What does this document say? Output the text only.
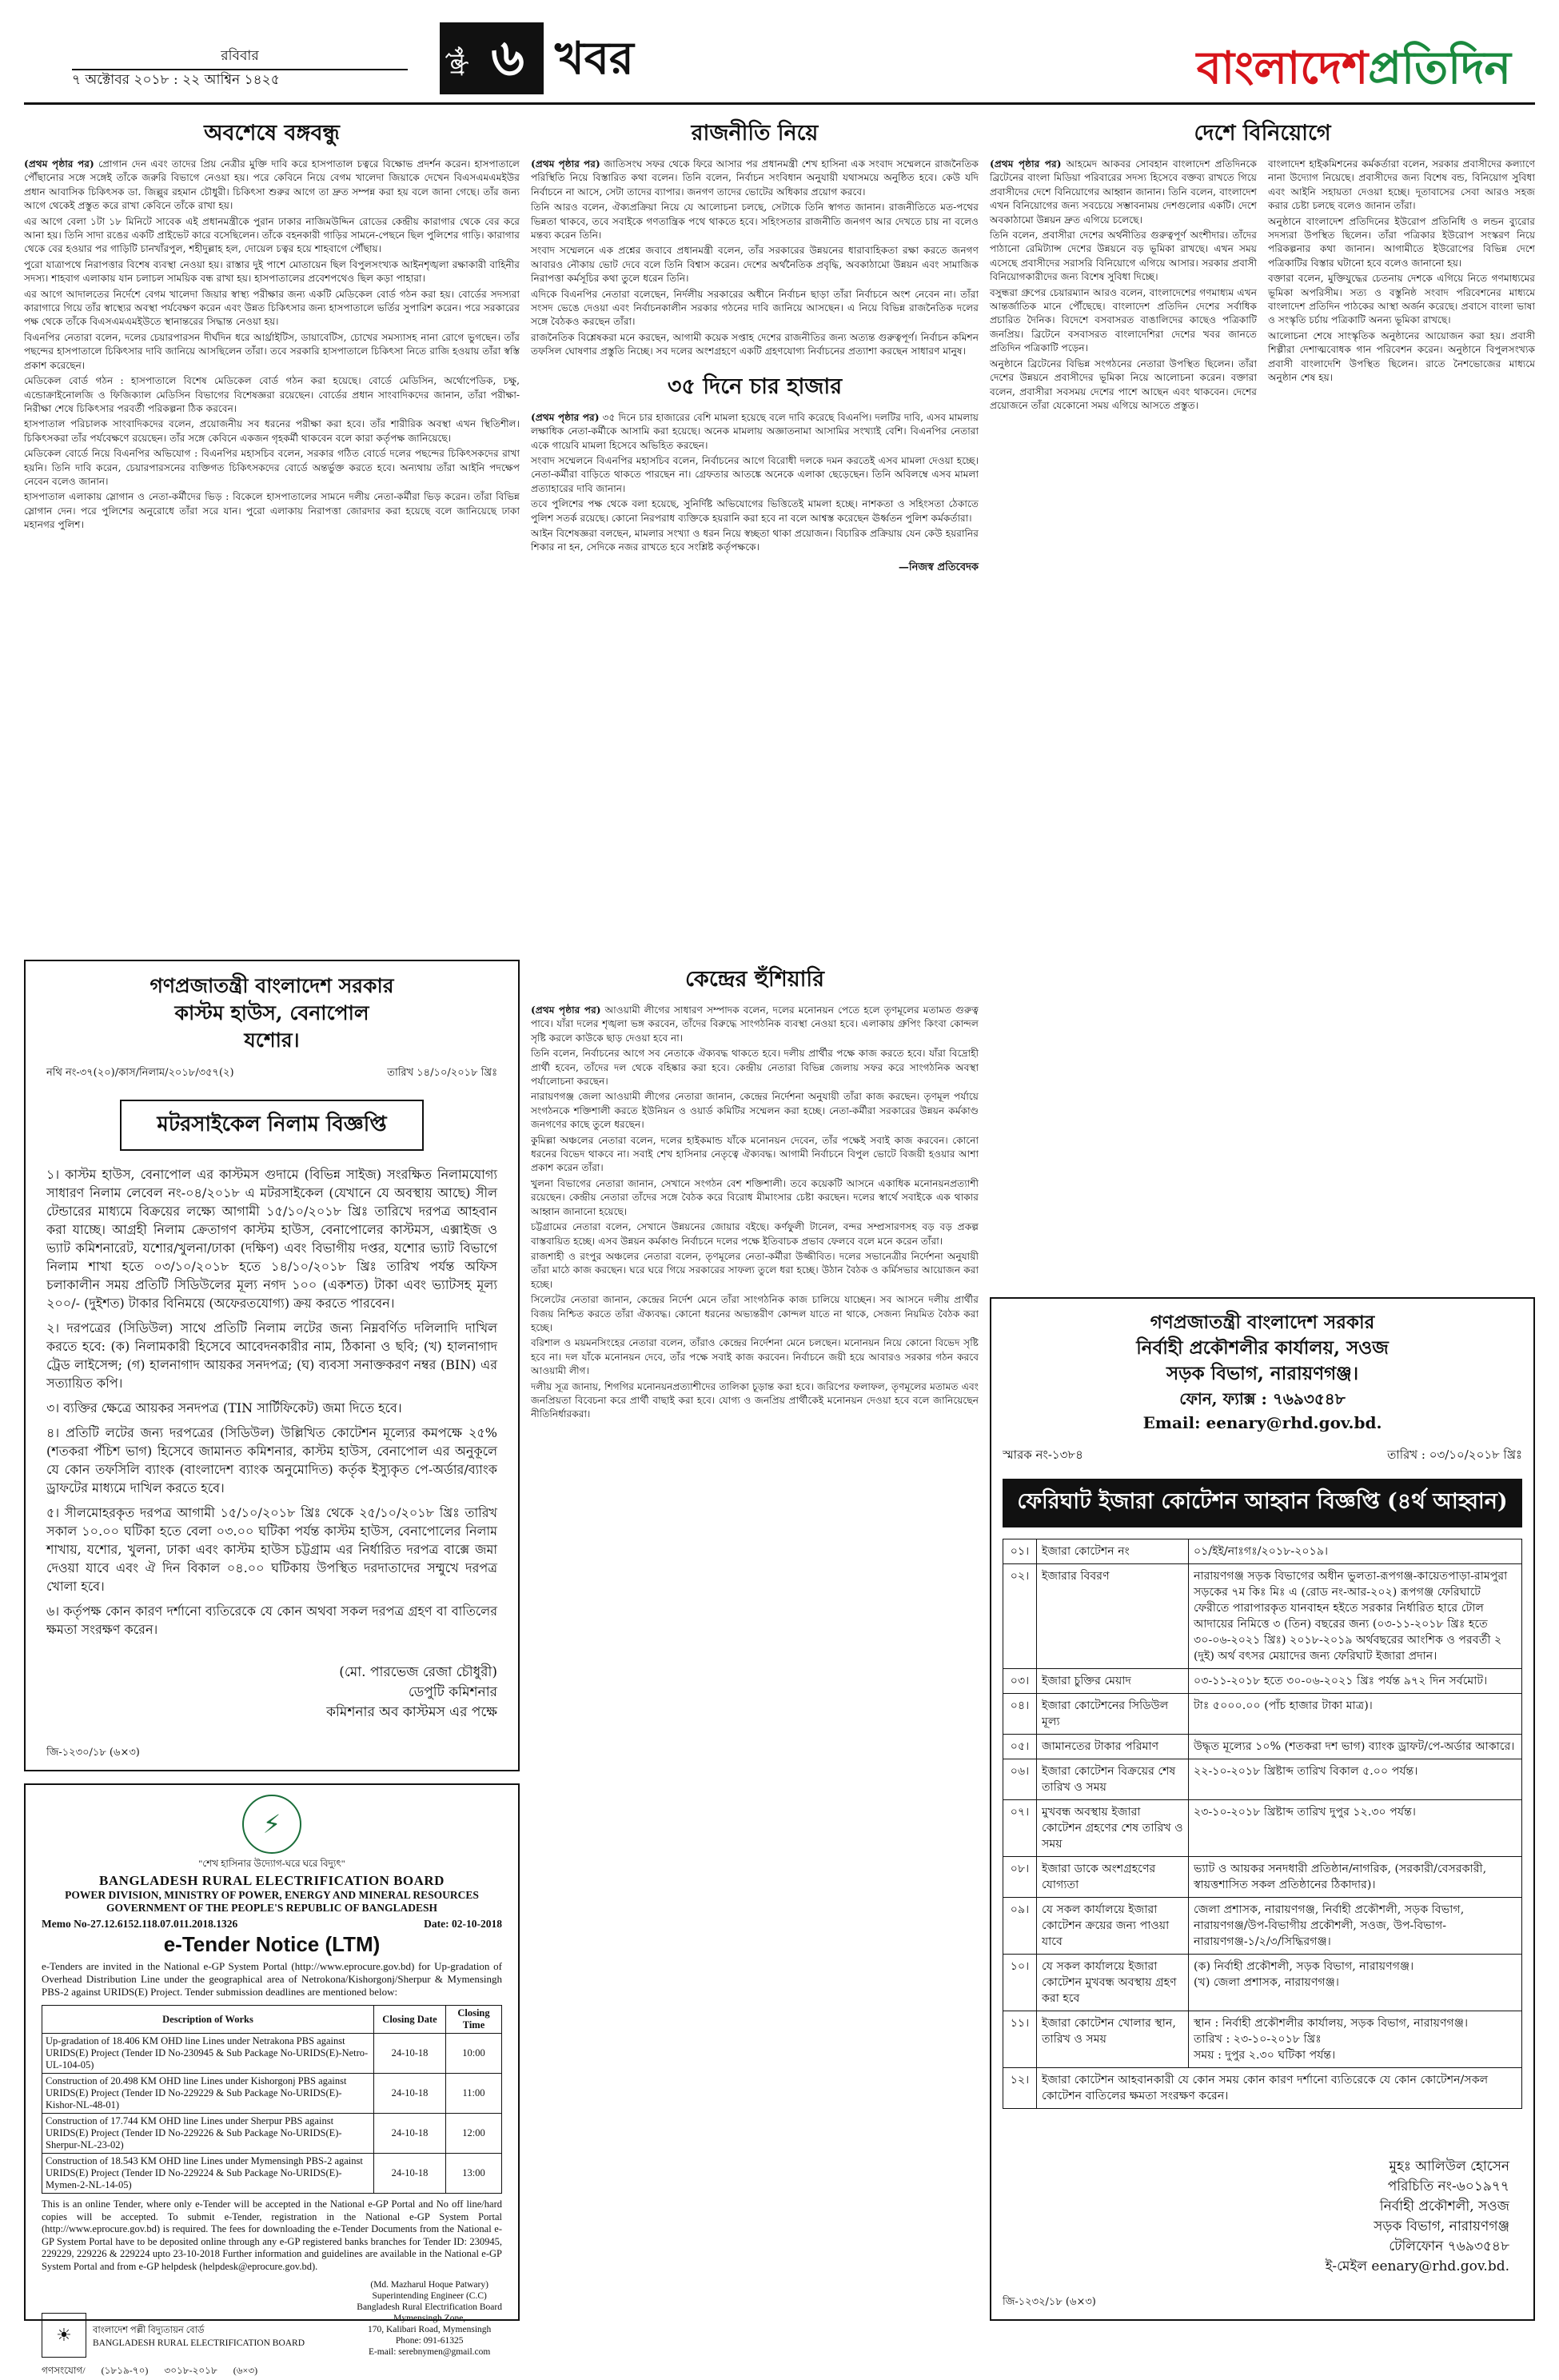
রবিবার
৭ অক্টোবর ২০১৮ : ২২ আশ্বিন ১৪২৫
পৃষ্ঠা ৬ খবর	বাংলাদেশপ্রতিদিন
অবশেষে বঙ্গবন্ধু

(প্রথম পৃষ্ঠার পর) প্রোগান দেন এবং তাদের প্রিয় নেত্রীর মুক্তি দাবি করে হাসপাতাল চত্বরে বিক্ষোভ প্রদর্শন করেন। হাসপাতালে পৌঁছানোর সঙ্গে সঙ্গেই তাঁকে জরুরি বিভাগে নেওয়া হয়। পরে কেবিনে নিয়ে বেগম খালেদা জিয়াকে দেখেন বিএসএমএমইউর প্রধান আবাসিক চিকিৎসক ডা. জিল্লুর রহমান চৌধুরী। চিকিৎসা শুরুর আগে তা দ্রুত সম্পন্ন করা হয় বলে জানা গেছে। তাঁর জন্য আগে থেকেই প্রস্তুত করে রাখা কেবিনে তাঁকে রাখা হয়।

এর আগে বেলা ১টা ১৮ মিনিটে সাবেক এই প্রধানমন্ত্রীকে পুরান ঢাকার নাজিমউদ্দিন রোডের কেন্দ্রীয় কারাগার থেকে বের করে আনা হয়। তিনি সাদা রঙের একটি প্রাইভেট কারে বসেছিলেন। তাঁকে বহনকারী গাড়ির সামনে-পেছনে ছিল পুলিশের গাড়ি। কারাগার থেকে বের হওয়ার পর গাড়িটি চানখাঁরপুল, শহীদুল্লাহ হল, দোয়েল চত্বর হয়ে শাহবাগে পৌঁছায়।

পুরো যাত্রাপথে নিরাপত্তার বিশেষ ব্যবস্থা নেওয়া হয়। রাস্তার দুই পাশে মোতায়েন ছিল বিপুলসংখ্যক আইনশৃঙ্খলা রক্ষাকারী বাহিনীর সদস্য। শাহবাগ এলাকায় যান চলাচল সাময়িক বন্ধ রাখা হয়। হাসপাতালের প্রবেশপথেও ছিল কড়া পাহারা।

এর আগে আদালতের নির্দেশে বেগম খালেদা জিয়ার স্বাস্থ্য পরীক্ষার জন্য একটি মেডিকেল বোর্ড গঠন করা হয়। বোর্ডের সদস্যরা কারাগারে গিয়ে তাঁর স্বাস্থ্যের অবস্থা পর্যবেক্ষণ করেন এবং উন্নত চিকিৎসার জন্য হাসপাতালে ভর্তির সুপারিশ করেন। পরে সরকারের পক্ষ থেকে তাঁকে বিএসএমএমইউতে স্থানান্তরের সিদ্ধান্ত নেওয়া হয়।

বিএনপির নেতারা বলেন, দলের চেয়ারপারসন দীর্ঘদিন ধরে আর্থ্রাইটিস, ডায়াবেটিস, চোখের সমস্যাসহ নানা রোগে ভুগছেন। তাঁর পছন্দের হাসপাতালে চিকিৎসার দাবি জানিয়ে আসছিলেন তাঁরা। তবে সরকারি হাসপাতালে চিকিৎসা নিতে রাজি হওয়ায় তাঁরা স্বস্তি প্রকাশ করেছেন।

মেডিকেল বোর্ড গঠন : হাসপাতালে বিশেষ মেডিকেল বোর্ড গঠন করা হয়েছে। বোর্ডে মেডিসিন, অর্থোপেডিক, চক্ষু, এন্ডোক্রাইনোলজি ও ফিজিক্যাল মেডিসিন বিভাগের বিশেষজ্ঞরা রয়েছেন। বোর্ডের প্রধান সাংবাদিকদের জানান, তাঁরা পরীক্ষা-নিরীক্ষা শেষে চিকিৎসার পরবর্তী পরিকল্পনা ঠিক করবেন।

হাসপাতাল পরিচালক সাংবাদিকদের বলেন, প্রয়োজনীয় সব ধরনের পরীক্ষা করা হবে। তাঁর শারীরিক অবস্থা এখন স্থিতিশীল। চিকিৎসকরা তাঁর পর্যবেক্ষণে রয়েছেন। তাঁর সঙ্গে কেবিনে একজন গৃহকর্মী থাকবেন বলে কারা কর্তৃপক্ষ জানিয়েছে।

মেডিকেল বোর্ডে নিয়ে বিএনপির অভিযোগ : বিএনপির মহাসচিব বলেন, সরকার গঠিত বোর্ডে দলের পছন্দের চিকিৎসকদের রাখা হয়নি। তিনি দাবি করেন, চেয়ারপারসনের ব্যক্তিগত চিকিৎসকদের বোর্ডে অন্তর্ভুক্ত করতে হবে। অন্যথায় তাঁরা আইনি পদক্ষেপ নেবেন বলেও জানান।

হাসপাতাল এলাকায় স্লোগান ও নেতা-কর্মীদের ভিড় : বিকেলে হাসপাতালের সামনে দলীয় নেতা-কর্মীরা ভিড় করেন। তাঁরা বিভিন্ন স্লোগান দেন। পরে পুলিশের অনুরোধে তাঁরা সরে যান। পুরো এলাকায় নিরাপত্তা জোরদার করা হয়েছে বলে জানিয়েছে ঢাকা মহানগর পুলিশ।

রাজনীতি নিয়ে

(প্রথম পৃষ্ঠার পর) জাতিসংঘ সফর থেকে ফিরে আসার পর প্রধানমন্ত্রী শেখ হাসিনা এক সংবাদ সম্মেলনে রাজনৈতিক পরিস্থিতি নিয়ে বিস্তারিত কথা বলেন। তিনি বলেন, নির্বাচন সংবিধান অনুযায়ী যথাসময়ে অনুষ্ঠিত হবে। কেউ যদি নির্বাচনে না আসে, সেটা তাদের ব্যাপার। জনগণ তাদের ভোটের অধিকার প্রয়োগ করবে।

তিনি আরও বলেন, ঐক্যপ্রক্রিয়া নিয়ে যে আলোচনা চলছে, সেটাকে তিনি স্বাগত জানান। রাজনীতিতে মত-পথের ভিন্নতা থাকবে, তবে সবাইকে গণতান্ত্রিক পথে থাকতে হবে। সহিংসতার রাজনীতি জনগণ আর দেখতে চায় না বলেও মন্তব্য করেন তিনি।

সংবাদ সম্মেলনে এক প্রশ্নের জবাবে প্রধানমন্ত্রী বলেন, তাঁর সরকারের উন্নয়নের ধারাবাহিকতা রক্ষা করতে জনগণ আবারও নৌকায় ভোট দেবে বলে তিনি বিশ্বাস করেন। দেশের অর্থনৈতিক প্রবৃদ্ধি, অবকাঠামো উন্নয়ন এবং সামাজিক নিরাপত্তা কর্মসূচির কথা তুলে ধরেন তিনি।

এদিকে বিএনপির নেতারা বলেছেন, নির্দলীয় সরকারের অধীনে নির্বাচন ছাড়া তাঁরা নির্বাচনে অংশ নেবেন না। তাঁরা সংসদ ভেঙে দেওয়া এবং নির্বাচনকালীন সরকার গঠনের দাবি জানিয়ে আসছেন। এ নিয়ে বিভিন্ন রাজনৈতিক দলের সঙ্গে বৈঠকও করছেন তাঁরা।

রাজনৈতিক বিশ্লেষকরা মনে করছেন, আগামী কয়েক সপ্তাহ দেশের রাজনীতির জন্য অত্যন্ত গুরুত্বপূর্ণ। নির্বাচন কমিশন তফসিল ঘোষণার প্রস্তুতি নিচ্ছে। সব দলের অংশগ্রহণে একটি গ্রহণযোগ্য নির্বাচনের প্রত্যাশা করছেন সাধারণ মানুষ।

৩৫ দিনে চার হাজার

(প্রথম পৃষ্ঠার পর) ৩৫ দিনে চার হাজারের বেশি মামলা হয়েছে বলে দাবি করেছে বিএনপি। দলটির দাবি, এসব মামলায় লক্ষাধিক নেতা-কর্মীকে আসামি করা হয়েছে। অনেক মামলায় অজ্ঞাতনামা আসামির সংখ্যাই বেশি। বিএনপির নেতারা একে গায়েবি মামলা হিসেবে অভিহিত করছেন।

সংবাদ সম্মেলনে বিএনপির মহাসচিব বলেন, নির্বাচনের আগে বিরোধী দলকে দমন করতেই এসব মামলা দেওয়া হচ্ছে। নেতা-কর্মীরা বাড়িতে থাকতে পারছেন না। গ্রেফতার আতঙ্কে অনেকে এলাকা ছেড়েছেন। তিনি অবিলম্বে এসব মামলা প্রত্যাহারের দাবি জানান।

তবে পুলিশের পক্ষ থেকে বলা হয়েছে, সুনির্দিষ্ট অভিযোগের ভিত্তিতেই মামলা হচ্ছে। নাশকতা ও সহিংসতা ঠেকাতে পুলিশ সতর্ক রয়েছে। কোনো নিরপরাধ ব্যক্তিকে হয়রানি করা হবে না বলে আশ্বস্ত করেছেন ঊর্ধ্বতন পুলিশ কর্মকর্তারা।

আইন বিশেষজ্ঞরা বলছেন, মামলার সংখ্যা ও ধরন নিয়ে স্বচ্ছতা থাকা প্রয়োজন। বিচারিক প্রক্রিয়ায় যেন কেউ হয়রানির শিকার না হন, সেদিকে নজর রাখতে হবে সংশ্লিষ্ট কর্তৃপক্ষকে।

—নিজস্ব প্রতিবেদক
দেশে বিনিয়োগে

(প্রথম পৃষ্ঠার পর) আহমেদ আকবর সোবহান বাংলাদেশ প্রতিদিনকে ব্রিটেনের বাংলা মিডিয়া পরিবারের সদস্য হিসেবে বক্তব্য রাখতে গিয়ে প্রবাসীদের দেশে বিনিয়োগের আহ্বান জানান। তিনি বলেন, বাংলাদেশ এখন বিনিয়োগের জন্য সবচেয়ে সম্ভাবনাময় দেশগুলোর একটি। দেশে অবকাঠামো উন্নয়ন দ্রুত এগিয়ে চলেছে।

তিনি বলেন, প্রবাসীরা দেশের অর্থনীতির গুরুত্বপূর্ণ অংশীদার। তাঁদের পাঠানো রেমিট্যান্স দেশের উন্নয়নে বড় ভূমিকা রাখছে। এখন সময় এসেছে প্রবাসীদের সরাসরি বিনিয়োগে এগিয়ে আসার। সরকার প্রবাসী বিনিয়োগকারীদের জন্য বিশেষ সুবিধা দিচ্ছে।

বসুন্ধরা গ্রুপের চেয়ারম্যান আরও বলেন, বাংলাদেশের গণমাধ্যম এখন আন্তর্জাতিক মানে পৌঁছেছে। বাংলাদেশ প্রতিদিন দেশের সর্বাধিক প্রচারিত দৈনিক। বিদেশে বসবাসরত বাঙালিদের কাছেও পত্রিকাটি জনপ্রিয়। ব্রিটেনে বসবাসরত বাংলাদেশিরা দেশের খবর জানতে প্রতিদিন পত্রিকাটি পড়েন।

অনুষ্ঠানে ব্রিটেনের বিভিন্ন সংগঠনের নেতারা উপস্থিত ছিলেন। তাঁরা দেশের উন্নয়নে প্রবাসীদের ভূমিকা নিয়ে আলোচনা করেন। বক্তারা বলেন, প্রবাসীরা সবসময় দেশের পাশে আছেন এবং থাকবেন। দেশের প্রয়োজনে তাঁরা যেকোনো সময় এগিয়ে আসতে প্রস্তুত।

বাংলাদেশ হাইকমিশনের কর্মকর্তারা বলেন, সরকার প্রবাসীদের কল্যাণে নানা উদ্যোগ নিয়েছে। প্রবাসীদের জন্য বিশেষ বন্ড, বিনিয়োগ সুবিধা এবং আইনি সহায়তা দেওয়া হচ্ছে। দূতাবাসের সেবা আরও সহজ করার চেষ্টা চলছে বলেও জানান তাঁরা।

অনুষ্ঠানে বাংলাদেশ প্রতিদিনের ইউরোপ প্রতিনিধি ও লন্ডন ব্যুরোর সদস্যরা উপস্থিত ছিলেন। তাঁরা পত্রিকার ইউরোপ সংস্করণ নিয়ে পরিকল্পনার কথা জানান। আগামীতে ইউরোপের বিভিন্ন দেশে পত্রিকাটির বিস্তার ঘটানো হবে বলেও জানানো হয়।

বক্তারা বলেন, মুক্তিযুদ্ধের চেতনায় দেশকে এগিয়ে নিতে গণমাধ্যমের ভূমিকা অপরিসীম। সত্য ও বস্তুনিষ্ঠ সংবাদ পরিবেশনের মাধ্যমে বাংলাদেশ প্রতিদিন পাঠকের আস্থা অর্জন করেছে। প্রবাসে বাংলা ভাষা ও সংস্কৃতি চর্চায় পত্রিকাটি অনন্য ভূমিকা রাখছে।

আলোচনা শেষে সাংস্কৃতিক অনুষ্ঠানের আয়োজন করা হয়। প্রবাসী শিল্পীরা দেশাত্মবোধক গান পরিবেশন করেন। অনুষ্ঠানে বিপুলসংখ্যক প্রবাসী বাংলাদেশি উপস্থিত ছিলেন। রাতে নৈশভোজের মাধ্যমে অনুষ্ঠান শেষ হয়।

কেন্দ্রের হুঁশিয়ারি

(প্রথম পৃষ্ঠার পর) আওয়ামী লীগের সাধারণ সম্পাদক বলেন, দলের মনোনয়ন পেতে হলে তৃণমূলের মতামত গুরুত্ব পাবে। যাঁরা দলের শৃঙ্খলা ভঙ্গ করবেন, তাঁদের বিরুদ্ধে সাংগঠনিক ব্যবস্থা নেওয়া হবে। এলাকায় গ্রুপিং কিংবা কোন্দল সৃষ্টি করলে কাউকে ছাড় দেওয়া হবে না।

তিনি বলেন, নির্বাচনের আগে সব নেতাকে ঐক্যবদ্ধ থাকতে হবে। দলীয় প্রার্থীর পক্ষে কাজ করতে হবে। যাঁরা বিদ্রোহী প্রার্থী হবেন, তাঁদের দল থেকে বহিষ্কার করা হবে। কেন্দ্রীয় নেতারা বিভিন্ন জেলায় সফর করে সাংগঠনিক অবস্থা পর্যালোচনা করছেন।

নারায়ণগঞ্জ জেলা আওয়ামী লীগের নেতারা জানান, কেন্দ্রের নির্দেশনা অনুযায়ী তাঁরা কাজ করছেন। তৃণমূল পর্যায়ে সংগঠনকে শক্তিশালী করতে ইউনিয়ন ও ওয়ার্ড কমিটির সম্মেলন করা হচ্ছে। নেতা-কর্মীরা সরকারের উন্নয়ন কর্মকাণ্ড জনগণের কাছে তুলে ধরছেন।

কুমিল্লা অঞ্চলের নেতারা বলেন, দলের হাইকমান্ড যাঁকে মনোনয়ন দেবেন, তাঁর পক্ষেই সবাই কাজ করবেন। কোনো ধরনের বিভেদ থাকবে না। সবাই শেখ হাসিনার নেতৃত্বে ঐক্যবদ্ধ। আগামী নির্বাচনে বিপুল ভোটে বিজয়ী হওয়ার আশা প্রকাশ করেন তাঁরা।

খুলনা বিভাগের নেতারা জানান, সেখানে সংগঠন বেশ শক্তিশালী। তবে কয়েকটি আসনে একাধিক মনোনয়নপ্রত্যাশী রয়েছেন। কেন্দ্রীয় নেতারা তাঁদের সঙ্গে বৈঠক করে বিরোধ মীমাংসার চেষ্টা করছেন। দলের স্বার্থে সবাইকে এক থাকার আহ্বান জানানো হয়েছে।

চট্টগ্রামের নেতারা বলেন, সেখানে উন্নয়নের জোয়ার বইছে। কর্ণফুলী টানেল, বন্দর সম্প্রসারণসহ বড় বড় প্রকল্প বাস্তবায়িত হচ্ছে। এসব উন্নয়ন কর্মকাণ্ড নির্বাচনে দলের পক্ষে ইতিবাচক প্রভাব ফেলবে বলে মনে করেন তাঁরা।

রাজশাহী ও রংপুর অঞ্চলের নেতারা বলেন, তৃণমূলের নেতা-কর্মীরা উজ্জীবিত। দলের সভানেত্রীর নির্দেশনা অনুযায়ী তাঁরা মাঠে কাজ করছেন। ঘরে ঘরে গিয়ে সরকারের সাফল্য তুলে ধরা হচ্ছে। উঠান বৈঠক ও কর্মিসভার আয়োজন করা হচ্ছে।

সিলেটের নেতারা জানান, কেন্দ্রের নির্দেশ মেনে তাঁরা সাংগঠনিক কাজ চালিয়ে যাচ্ছেন। সব আসনে দলীয় প্রার্থীর বিজয় নিশ্চিত করতে তাঁরা ঐক্যবদ্ধ। কোনো ধরনের অভ্যন্তরীণ কোন্দল যাতে না থাকে, সেজন্য নিয়মিত বৈঠক করা হচ্ছে।

বরিশাল ও ময়মনসিংহের নেতারা বলেন, তাঁরাও কেন্দ্রের নির্দেশনা মেনে চলছেন। মনোনয়ন নিয়ে কোনো বিভেদ সৃষ্টি হবে না। দল যাঁকে মনোনয়ন দেবে, তাঁর পক্ষে সবাই কাজ করবেন। নির্বাচনে জয়ী হয়ে আবারও সরকার গঠন করবে আওয়ামী লীগ।

দলীয় সূত্র জানায়, শিগগির মনোনয়নপ্রত্যাশীদের তালিকা চূড়ান্ত করা হবে। জরিপের ফলাফল, তৃণমূলের মতামত এবং জনপ্রিয়তা বিবেচনা করে প্রার্থী বাছাই করা হবে। যোগ্য ও জনপ্রিয় প্রার্থীকেই মনোনয়ন দেওয়া হবে বলে জানিয়েছেন নীতিনির্ধারকরা।

গণপ্রজাতন্ত্রী বাংলাদেশ সরকার
কাস্টম হাউস, বেনাপোল
যশোর।
নথি নং-৩৭(২০)/কাস/নিলাম/২০১৮/৩৫৭(২)	তারিখ ১৪/১০/২০১৮ খ্রিঃ
মটরসাইকেল নিলাম বিজ্ঞপ্তি

১। কাস্টম হাউস, বেনাপোল এর কাস্টমস গুদামে (বিভিন্ন সাইজ) সংরক্ষিত নিলামযোগ্য সাধারণ নিলাম লেবেল নং-০৪/২০১৮ এ মটরসাইকেল (যেখানে যে অবস্থায় আছে) সীল টেন্ডারের মাধ্যমে বিক্রয়ের লক্ষ্যে আগামী ১৫/১০/২০১৮ খ্রিঃ তারিখে দরপত্র আহবান করা যাচ্ছে। আগ্রহী নিলাম ক্রেতাগণ কাস্টম হাউস, বেনাপোলের কাস্টমস, এক্সাইজ ও ভ্যাট কমিশনারেট, যশোর/খুলনা/ঢাকা (দক্ষিণ) এবং বিভাগীয় দপ্তর, যশোর ভ্যাট বিভাগে নিলাম শাখা হতে ০৩/১০/২০১৮ হতে ১৪/১০/২০১৮ খ্রিঃ তারিখ পর্যন্ত অফিস চলাকালীন সময় প্রতিটি সিডিউলের মূল্য নগদ ১০০ (একশত) টাকা এবং ভ্যাটসহ মূল্য ২০০/- (দুইশত) টাকার বিনিময়ে (অফেরতযোগ্য) ক্রয় করতে পারবেন।

২। দরপত্রের (সিডিউল) সাথে প্রতিটি নিলাম লটের জন্য নিম্নবর্ণিত দলিলাদি দাখিল করতে হবে: (ক) নিলামকারী হিসেবে আবেদনকারীর নাম, ঠিকানা ও ছবি; (খ) হালনাগাদ ট্রেড লাইসেন্স; (গ) হালনাগাদ আয়কর সনদপত্র; (ঘ) ব্যবসা সনাক্তকরণ নম্বর (BIN) এর সত্যায়িত কপি।

৩। ব্যক্তির ক্ষেত্রে আয়কর সনদপত্র (TIN সার্টিফিকেট) জমা দিতে হবে।

৪। প্রতিটি লটের জন্য দরপত্রের (সিডিউল) উল্লিখিত কোটেশন মূল্যের কমপক্ষে ২৫% (শতকরা পঁচিশ ভাগ) হিসেবে জামানত কমিশনার, কাস্টম হাউস, বেনাপোল এর অনুকূলে যে কোন তফসিলি ব্যাংক (বাংলাদেশ ব্যাংক অনুমোদিত) কর্তৃক ইস্যুকৃত পে-অর্ডার/ব্যাংক ড্রাফটের মাধ্যমে দাখিল করতে হবে।

৫। সীলমোহরকৃত দরপত্র আগামী ১৫/১০/২০১৮ খ্রিঃ থেকে ২৫/১০/২০১৮ খ্রিঃ তারিখ সকাল ১০.০০ ঘটিকা হতে বেলা ০৩.০০ ঘটিকা পর্যন্ত কাস্টম হাউস, বেনাপোলের নিলাম শাখায়, যশোর, খুলনা, ঢাকা এবং কাস্টম হাউস চট্টগ্রাম এর নির্ধারিত দরপত্র বাক্সে জমা দেওয়া যাবে এবং ঐ দিন বিকাল ০৪.০০ ঘটিকায় উপস্থিত দরদাতাদের সম্মুখে দরপত্র খোলা হবে।

৬। কর্তৃপক্ষ কোন কারণ দর্শানো ব্যতিরেকে যে কোন অথবা সকল দরপত্র গ্রহণ বা বাতিলের ক্ষমতা সংরক্ষণ করেন।

(মো. পারভেজ রেজা চৌধুরী)
ডেপুটি কমিশনার
কমিশনার অব কাস্টমস এর পক্ষে
জি-১২৩০/১৮ (৬×৩)
⚡
"শেখ হাসিনার উদ্যোগ-ঘরে ঘরে বিদ্যুৎ"
BANGLADESH RURAL ELECTRIFICATION BOARD
POWER DIVISION, MINISTRY OF POWER, ENERGY AND MINERAL RESOURCES
GOVERNMENT OF THE PEOPLE'S REPUBLIC OF BANGLADESH
Memo No-27.12.6152.118.07.011.2018.1326	Date: 02-10-2018
e-Tender Notice (LTM)
e-Tenders are invited in the National e-GP System Portal (http://www.eprocure.gov.bd) for Up-gradation of Overhead Distribution Line under the geographical area of Netrokona/Kishorgonj/Sherpur & Mymensingh PBS-2 against URIDS(E) Project. Tender submission deadlines are mentioned below:
Description of Works	Closing Date	Closing Time
Up-gradation of 18.406 KM OHD line Lines under Netrakona PBS against URIDS(E) Project (Tender ID No-230945 & Sub Package No-URIDS(E)-Netro-UL-104-05)	24-10-18	10:00
Construction of 20.498 KM OHD line Lines under Kishorgonj PBS against URIDS(E) Project (Tender ID No-229229 & Sub Package No-URIDS(E)-Kishor-NL-48-01)	24-10-18	11:00
Construction of 17.744 KM OHD line Lines under Sherpur PBS against URIDS(E) Project (Tender ID No-229226 & Sub Package No-URIDS(E)-Sherpur-NL-23-02)	24-10-18	12:00
Construction of 18.543 KM OHD line Lines under Mymensingh PBS-2 against URIDS(E) Project (Tender ID No-229224 & Sub Package No-URIDS(E)-Mymen-2-NL-14-05)	24-10-18	13:00
This is an online Tender, where only e-Tender will be accepted in the National e-GP Portal and No off line/hard copies will be accepted. To submit e-Tender, registration in the National e-GP System Portal (http://www.eprocure.gov.bd) is required. The fees for downloading the e-Tender Documents from the National e-GP System Portal have to be deposited online through any e-GP registered banks branches for Tender ID: 230945, 229229, 229226 & 229224 upto 23-10-2018 Further information and guidelines are available in the National e-GP System Portal and from e-GP helpdesk (helpdesk@eprocure.gov.bd).
☀	বাংলাদেশ পল্লী বিদ্যুতায়ন বোর্ড
BANGLADESH RURAL ELECTRIFICATION BOARD
(Md. Mazharul Hoque Patwary)
Superintending Engineer (C.C)
Bangladesh Rural Electrification Board
Mymensingh Zone,
170, Kalibari Road, Mymensingh
Phone: 091-61325
E-mail: serebnymen@gmail.com
গণসংযোগ/ (১৮১৯-৭০) ৩০১৮-২০১৮ (৬×৩)
গণপ্রজাতন্ত্রী বাংলাদেশ সরকার
নির্বাহী প্রকৌশলীর কার্যালয়, সওজ
সড়ক বিভাগ, নারায়ণগঞ্জ।
ফোন, ফ্যাক্স : ৭৬৯৩৫৪৮
Email: eenary@rhd.gov.bd.
স্মারক নং-১৩৮৪	তারিখ : ০৩/১০/২০১৮ খ্রিঃ
ফেরিঘাট ইজারা কোটেশন আহ্বান বিজ্ঞপ্তি (৪র্থ আহ্বান)
০১।	ইজারা কোটেশন নং	০১/ইই/নাঃগঃ/২০১৮-২০১৯।
০২।	ইজারার বিবরণ	নারায়ণগঞ্জ সড়ক বিভাগের অধীন ভুলতা-রূপগঞ্জ-কায়েতপাড়া-রামপুরা সড়কের ৭ম কিঃ মিঃ এ (রোড নং-আর-২০২) রূপগঞ্জ ফেরিঘাটে ফেরীতে পারাপারকৃত যানবাহন হইতে সরকার নির্ধারিত হারে টোল আদায়ের নিমিত্তে ৩ (তিন) বছরের জন্য (০৩-১১-২০১৮ খ্রিঃ হতে ৩০-০৬-২০২১ খ্রিঃ) ২০১৮-২০১৯ অর্থবছরের আংশিক ও পরবর্তী ২ (দুই) অর্থ বৎসর মেয়াদের জন্য ফেরিঘাট ইজারা প্রদান।
০৩।	ইজারা চুক্তির মেয়াদ	০৩-১১-২০১৮ হতে ৩০-০৬-২০২১ খ্রিঃ পর্যন্ত ৯৭২ দিন সর্বমোট।
০৪।	ইজারা কোটেশনের সিডিউল মূল্য	টাঃ ৫০০০.০০ (পাঁচ হাজার টাকা মাত্র)।
০৫।	জামানতের টাকার পরিমাণ	উদ্ধৃত মূল্যের ১০% (শতকরা দশ ভাগ) ব্যাংক ড্রাফট/পে-অর্ডার আকারে।
০৬।	ইজারা কোটেশন বিক্রয়ের শেষ তারিখ ও সময়	২২-১০-২০১৮ খ্রিষ্টাব্দ তারিখ বিকাল ৫.০০ পর্যন্ত।
০৭।	মুখবন্ধ অবস্থায় ইজারা কোটেশন গ্রহণের শেষ তারিখ ও সময়	২৩-১০-২০১৮ খ্রিষ্টাব্দ তারিখ দুপুর ১২.৩০ পর্যন্ত।
০৮।	ইজারা ডাকে অংশগ্রহণের যোগ্যতা	ভ্যাট ও আয়কর সনদধারী প্রতিষ্ঠান/নাগরিক, (সরকারী/বেসরকারী, স্বায়ত্তশাসিত সকল প্রতিষ্ঠানের ঠিকাদার)।
০৯।	যে সকল কার্যালয়ে ইজারা কোটেশন ক্রয়ের জন্য পাওয়া যাবে	জেলা প্রশাসক, নারায়ণগঞ্জ, নির্বাহী প্রকৌশলী, সড়ক বিভাগ, নারায়ণগঞ্জ/উপ-বিভাগীয় প্রকৌশলী, সওজ, উপ-বিভাগ-নারায়ণগঞ্জ-১/২/৩/সিদ্ধিরগঞ্জ।
১০।	যে সকল কার্যালয়ে ইজারা কোটেশন মুখবন্ধ অবস্থায় গ্রহণ করা হবে	(ক) নির্বাহী প্রকৌশলী, সড়ক বিভাগ, নারায়ণগঞ্জ।
(খ) জেলা প্রশাসক, নারায়ণগঞ্জ।
১১।	ইজারা কোটেশন খোলার স্থান, তারিখ ও সময়	স্থান : নির্বাহী প্রকৌশলীর কার্যালয়, সড়ক বিভাগ, নারায়ণগঞ্জ।
তারিখ : ২৩-১০-২০১৮ খ্রিঃ
সময় : দুপুর ২.৩০ ঘটিকা পর্যন্ত।
১২।	ইজারা কোটেশন আহবানকারী যে কোন সময় কোন কারণ দর্শানো ব্যতিরেকে যে কোন কোটেশন/সকল কোটেশন বাতিলের ক্ষমতা সংরক্ষণ করেন।	
মুহঃ আলিউল হোসেন
পরিচিতি নং-৬০১৯৭৭
নির্বাহী প্রকৌশলী, সওজ
সড়ক বিভাগ, নারায়ণগঞ্জ
টেলিফোন ৭৬৯৩৫৪৮
ই-মেইল eenary@rhd.gov.bd.
জি-১২৩২/১৮ (৬×৩)
